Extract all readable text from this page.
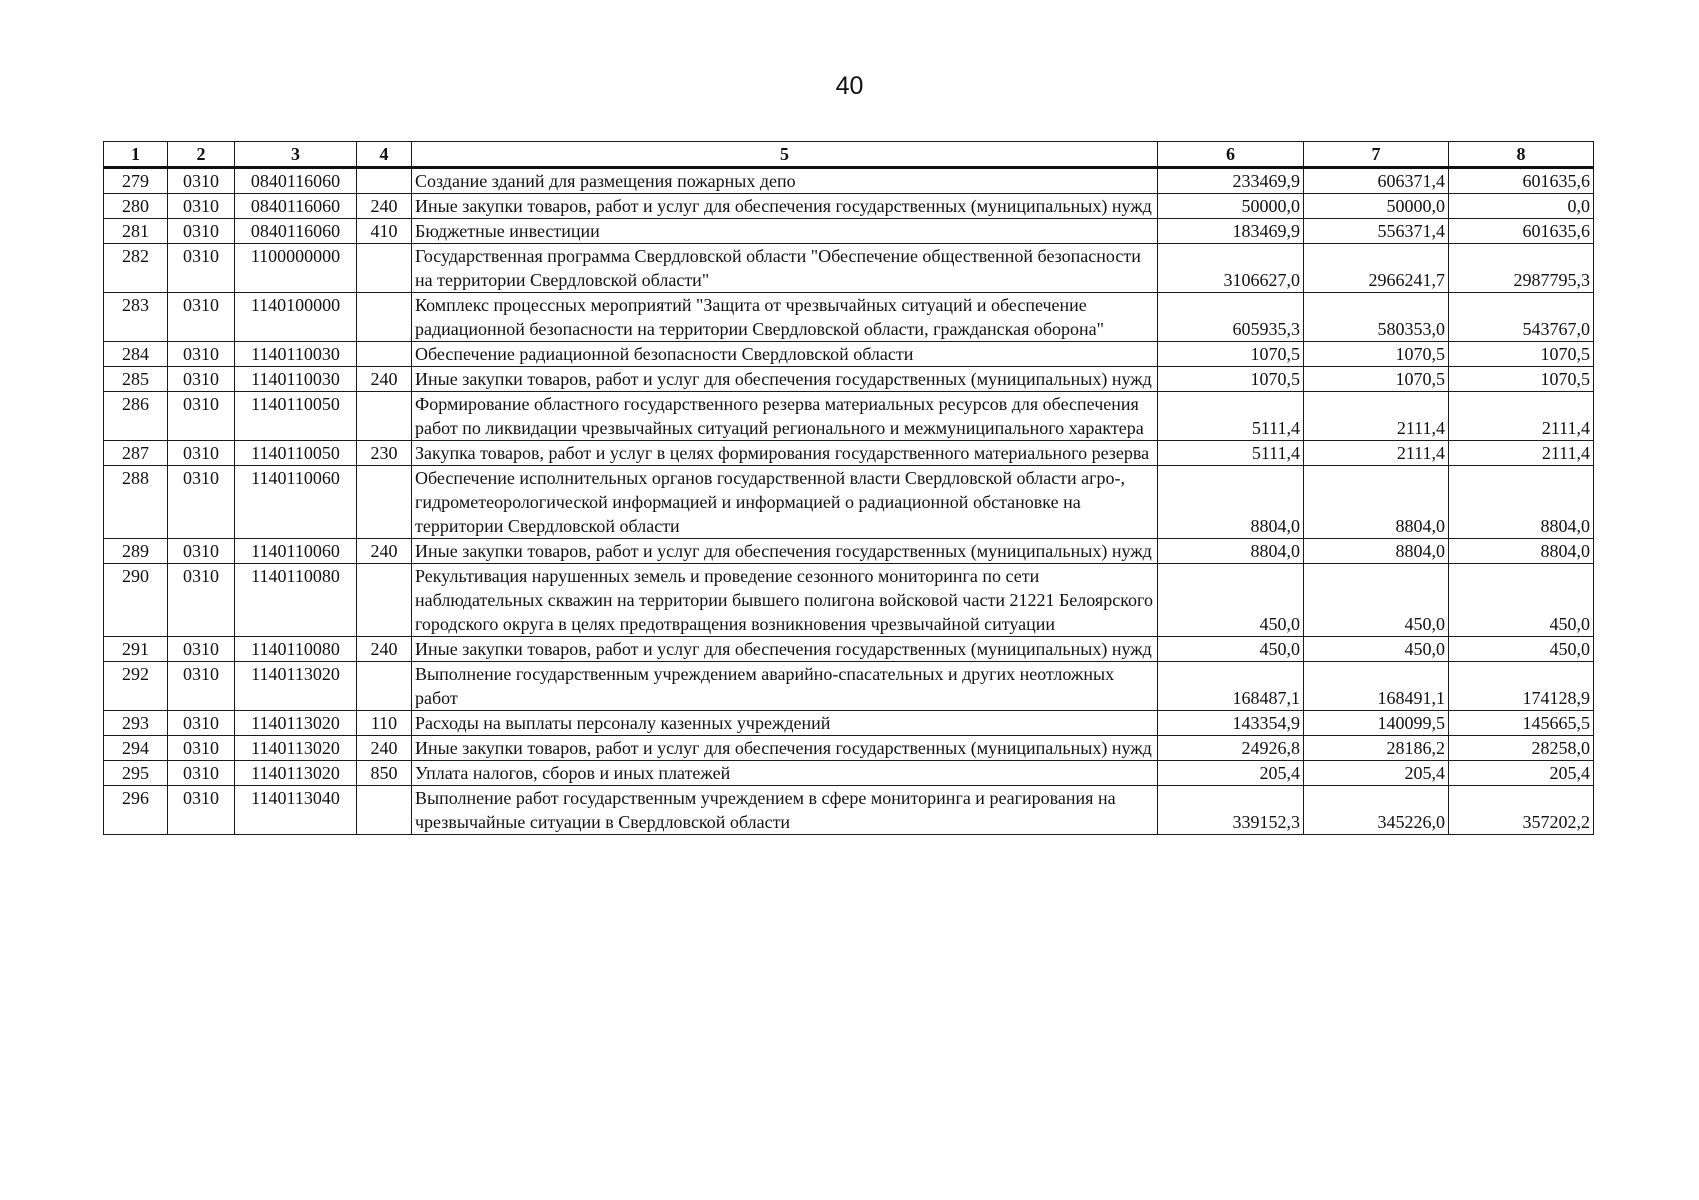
40
1	2	3	4	5	6	7	8
279	0310	0840116060		Создание зданий для размещения пожарных депо	233469,9	606371,4	601635,6
280	0310	0840116060	240	Иные закупки товаров, работ и услуг для обеспечения государственных (муниципальных) нужд	50000,0	50000,0	0,0
281	0310	0840116060	410	Бюджетные инвестиции	183469,9	556371,4	601635,6
282	0310	1100000000		Государственная программа Свердловской области "Обеспечение общественной безопасности на территории Свердловской области"	3106627,0	2966241,7	2987795,3
283	0310	1140100000		Комплекс процессных мероприятий "Защита от чрезвычайных ситуаций и обеспечение радиационной безопасности на территории Свердловской области, гражданская оборона"	605935,3	580353,0	543767,0
284	0310	1140110030		Обеспечение радиационной безопасности Свердловской области	1070,5	1070,5	1070,5
285	0310	1140110030	240	Иные закупки товаров, работ и услуг для обеспечения государственных (муниципальных) нужд	1070,5	1070,5	1070,5
286	0310	1140110050		Формирование областного государственного резерва материальных ресурсов для обеспечения работ по ликвидации чрезвычайных ситуаций регионального и межмуниципального характера	5111,4	2111,4	2111,4
287	0310	1140110050	230	Закупка товаров, работ и услуг в целях формирования государственного материального резерва	5111,4	2111,4	2111,4
288	0310	1140110060		Обеспечение исполнительных органов государственной власти Свердловской области агро-, гидрометеорологической информацией и информацией о радиационной обстановке на территории Свердловской области	8804,0	8804,0	8804,0
289	0310	1140110060	240	Иные закупки товаров, работ и услуг для обеспечения государственных (муниципальных) нужд	8804,0	8804,0	8804,0
290	0310	1140110080		Рекультивация нарушенных земель и проведение сезонного мониторинга по сети наблюдательных скважин на территории бывшего полигона войсковой части 21221 Белоярского городского округа в целях предотвращения возникновения чрезвычайной ситуации	450,0	450,0	450,0
291	0310	1140110080	240	Иные закупки товаров, работ и услуг для обеспечения государственных (муниципальных) нужд	450,0	450,0	450,0
292	0310	1140113020		Выполнение государственным учреждением аварийно-спасательных и других неотложных работ	168487,1	168491,1	174128,9
293	0310	1140113020	110	Расходы на выплаты персоналу казенных учреждений	143354,9	140099,5	145665,5
294	0310	1140113020	240	Иные закупки товаров, работ и услуг для обеспечения государственных (муниципальных) нужд	24926,8	28186,2	28258,0
295	0310	1140113020	850	Уплата налогов, сборов и иных платежей	205,4	205,4	205,4
296	0310	1140113040		Выполнение работ государственным учреждением в сфере мониторинга и реагирования на чрезвычайные ситуации в Свердловской области	339152,3	345226,0	357202,2
